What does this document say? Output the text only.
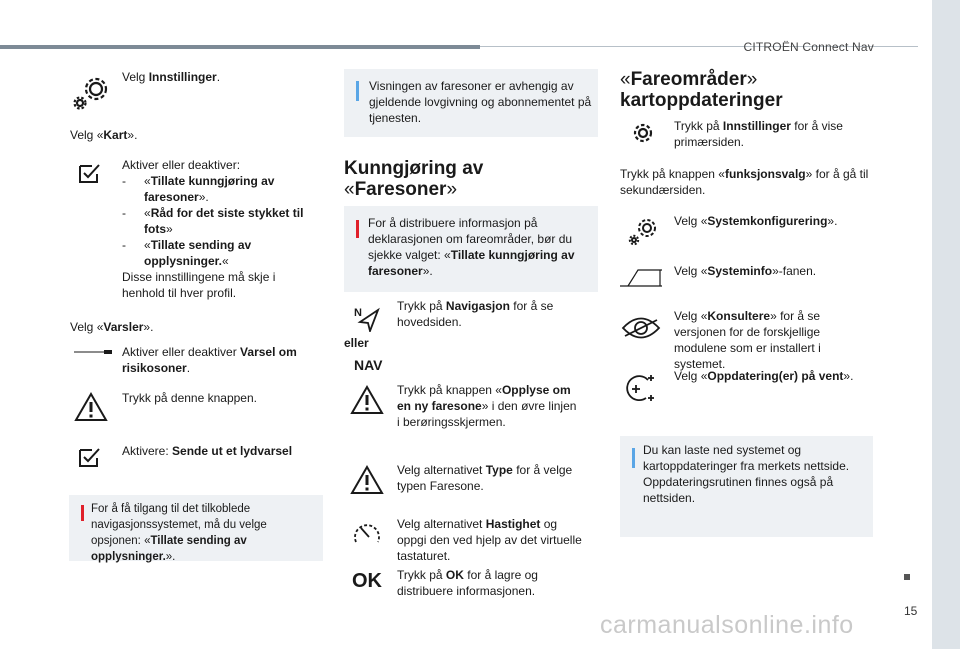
CITROËN Connect Nav
15
carmanualsonline.info
Velg Innstillinger.
Velg «Kart».
Aktiver eller deaktiver:
- «Tillate kunngjøring av faresoner».
- «Råd for det siste stykket til fots»
- «Tillate sending av opplysninger.«
Disse innstillingene må skje i henhold til hver profil.
Velg «Varsler».
Aktiver eller deaktiver Varsel om risikosoner.
Trykk på denne knappen.
Aktivere: Sende ut et lydvarsel
For å få tilgang til det tilkoblede navigasjonssystemet, må du velge opsjonen: «Tillate sending av opplysninger.».
Visningen av faresoner er avhengig av gjeldende lovgivning og abonnementet på tjenesten.
Kunngjøring av
«Faresoner»
For å distribuere informasjon på deklarasjonen om fareområder, bør du sjekke valget: «Tillate kunngjøring av faresoner».
N
eller
NAV
Trykk på Navigasjon for å se hovedsiden.
Trykk på knappen «Opplyse om en ny faresone» i den øvre linjen i berøringsskjermen.
Velg alternativet Type for å velge typen Faresone.
Velg alternativet Hastighet og oppgi den ved hjelp av det virtuelle tastaturet.
OK Trykk på OK for å lagre og distribuere informasjonen.
«Fareområder»
kartoppdateringer
Trykk på Innstillinger for å vise primærsiden.
Trykk på knappen «funksjonsvalg» for å gå til sekundærsiden.
Velg «Systemkonfigurering».
Velg «Systeminfo»-fanen.
Velg «Konsultere» for å se versjonen for de forskjellige modulene som er installert i systemet.
Velg «Oppdatering(er) på vent».
Du kan laste ned systemet og kartoppdateringer fra merkets nettside. Oppdateringsrutinen finnes også på nettsiden.
